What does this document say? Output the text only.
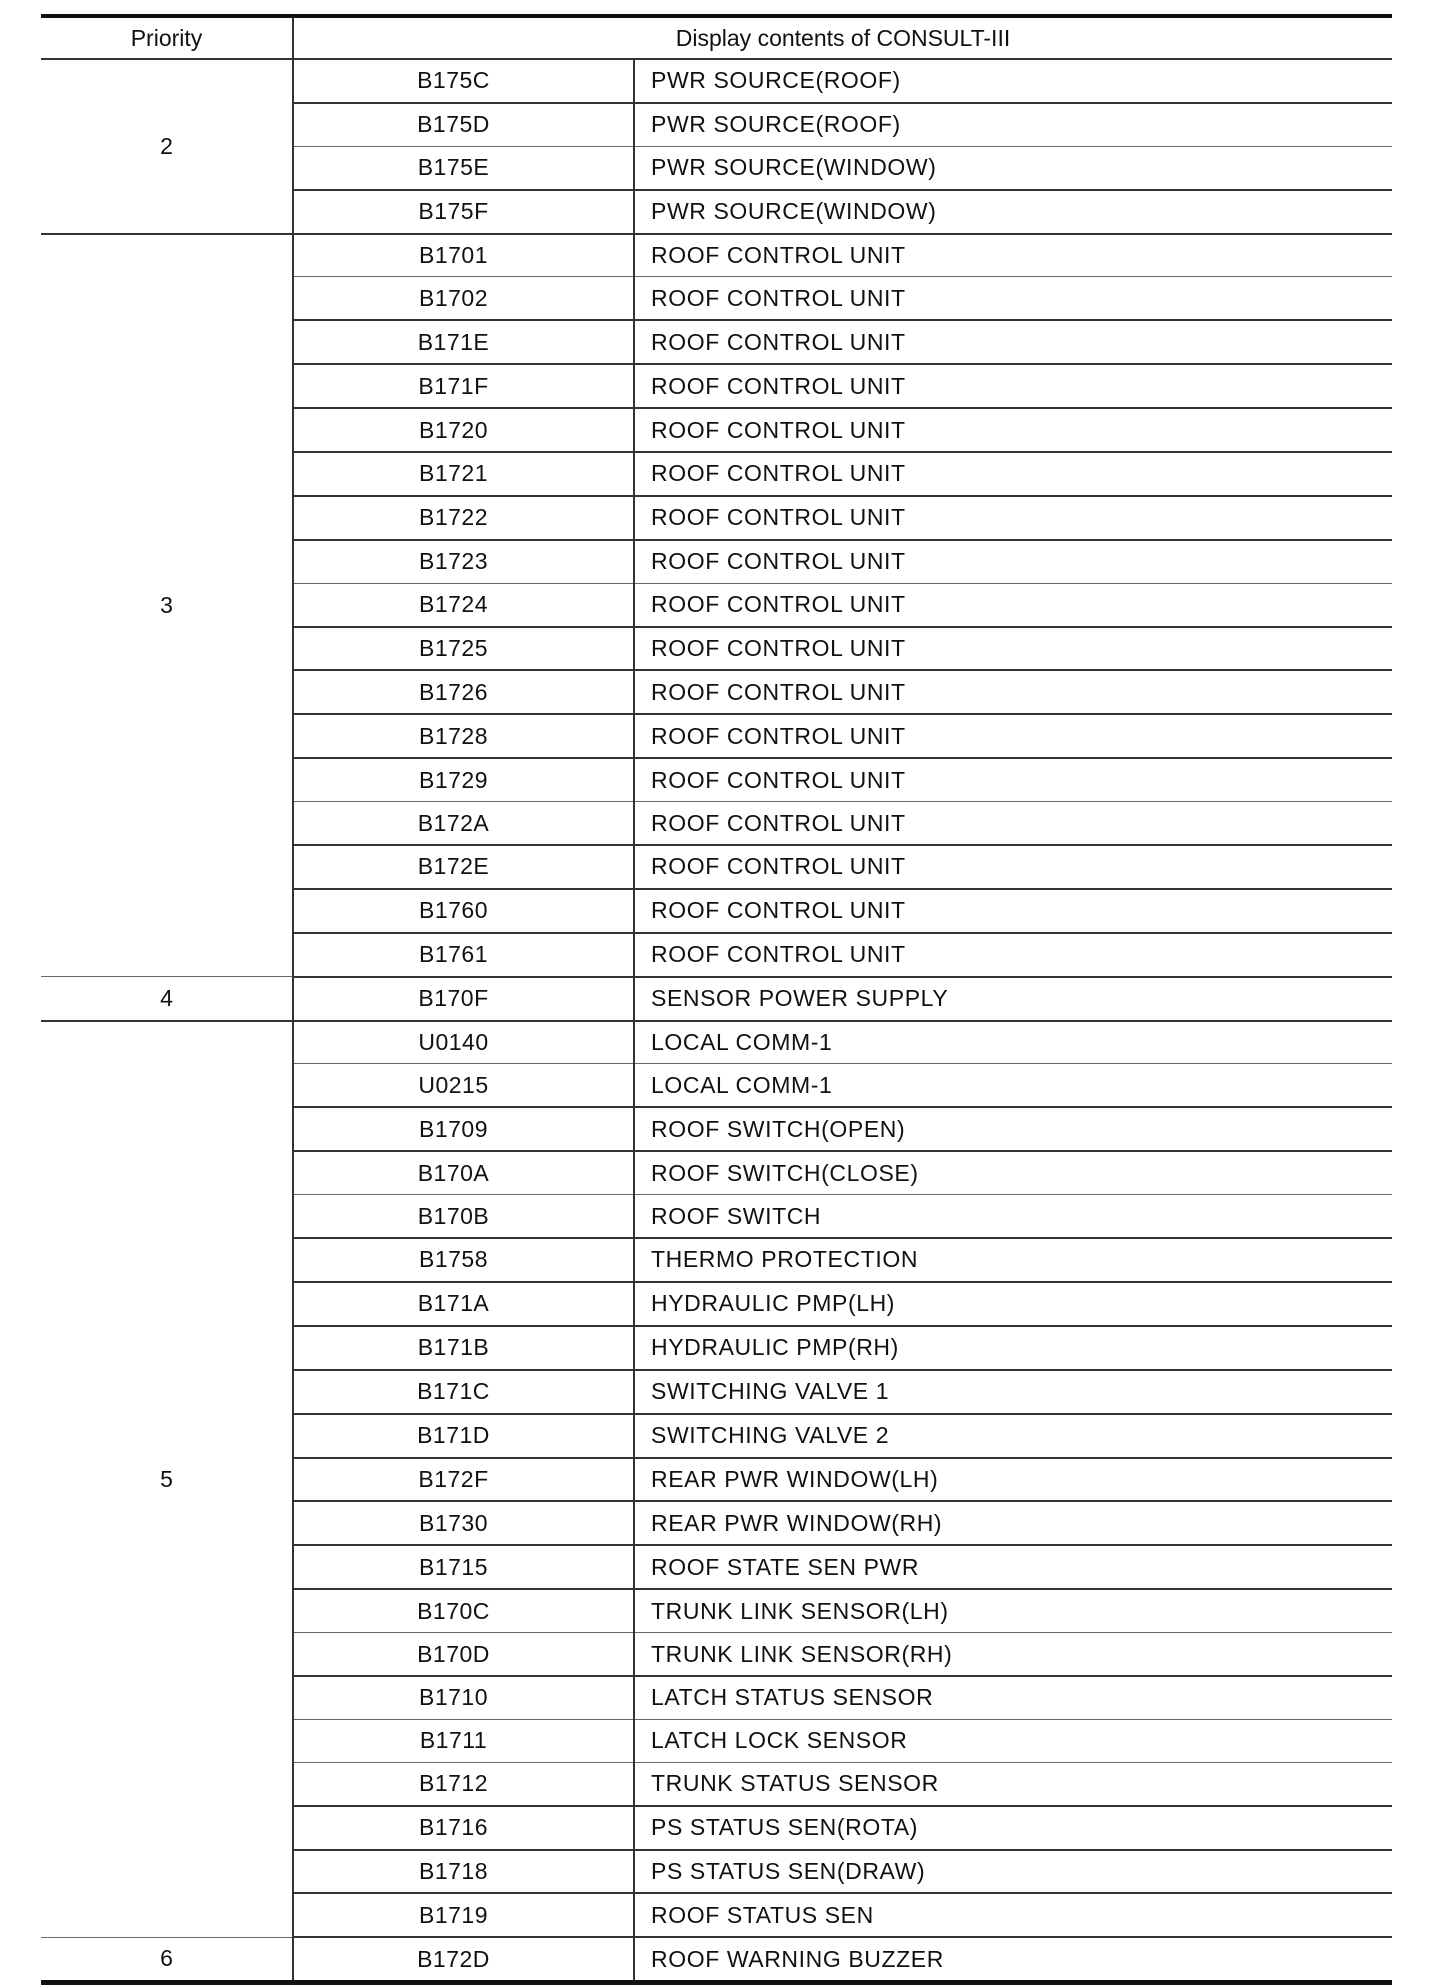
Priority	Display contents of CONSULT-III	
2	B175C	PWR SOURCE(ROOF)
	B175D	PWR SOURCE(ROOF)
	B175E	PWR SOURCE(WINDOW)
	B175F	PWR SOURCE(WINDOW)
3	B1701	ROOF CONTROL UNIT
	B1702	ROOF CONTROL UNIT
	B171E	ROOF CONTROL UNIT
	B171F	ROOF CONTROL UNIT
	B1720	ROOF CONTROL UNIT
	B1721	ROOF CONTROL UNIT
	B1722	ROOF CONTROL UNIT
	B1723	ROOF CONTROL UNIT
	B1724	ROOF CONTROL UNIT
	B1725	ROOF CONTROL UNIT
	B1726	ROOF CONTROL UNIT
	B1728	ROOF CONTROL UNIT
	B1729	ROOF CONTROL UNIT
	B172A	ROOF CONTROL UNIT
	B172E	ROOF CONTROL UNIT
	B1760	ROOF CONTROL UNIT
	B1761	ROOF CONTROL UNIT
4	B170F	SENSOR POWER SUPPLY
5	U0140	LOCAL COMM-1
	U0215	LOCAL COMM-1
	B1709	ROOF SWITCH(OPEN)
	B170A	ROOF SWITCH(CLOSE)
	B170B	ROOF SWITCH
	B1758	THERMO PROTECTION
	B171A	HYDRAULIC PMP(LH)
	B171B	HYDRAULIC PMP(RH)
	B171C	SWITCHING VALVE 1
	B171D	SWITCHING VALVE 2
	B172F	REAR PWR WINDOW(LH)
	B1730	REAR PWR WINDOW(RH)
	B1715	ROOF STATE SEN PWR
	B170C	TRUNK LINK SENSOR(LH)
	B170D	TRUNK LINK SENSOR(RH)
	B1710	LATCH STATUS SENSOR
	B1711	LATCH LOCK SENSOR
	B1712	TRUNK STATUS SENSOR
	B1716	PS STATUS SEN(ROTA)
	B1718	PS STATUS SEN(DRAW)
	B1719	ROOF STATUS SEN
6	B172D	ROOF WARNING BUZZER
